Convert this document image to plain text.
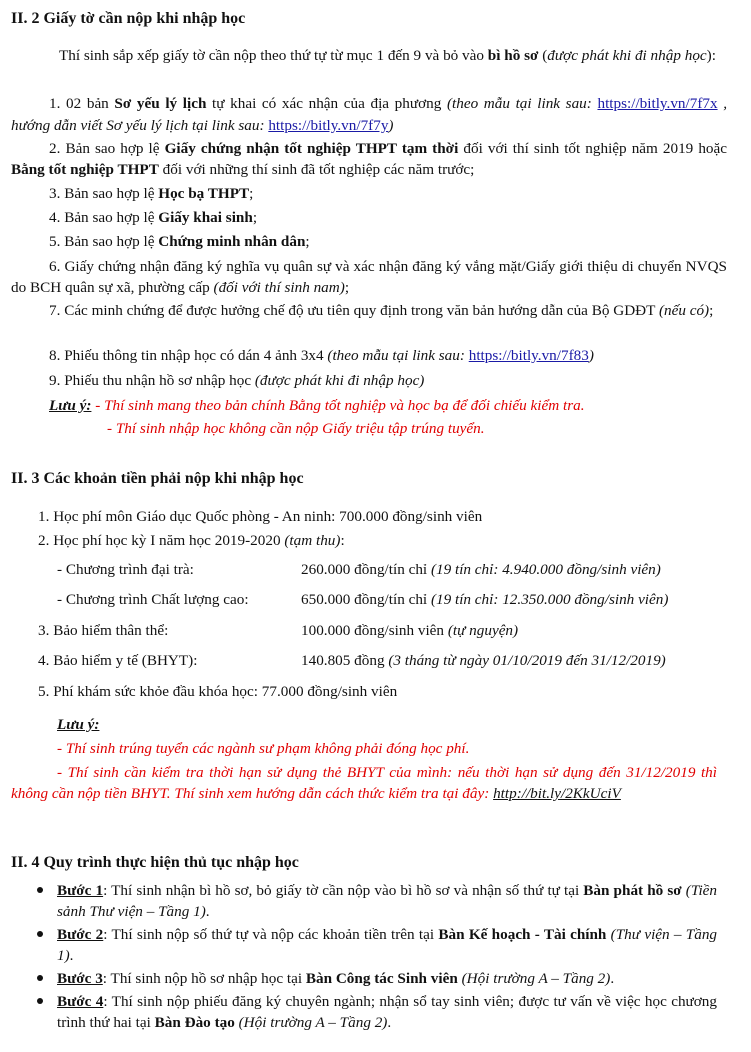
II. 2 Giấy tờ cần nộp khi nhập học

Thí sinh sắp xếp giấy tờ cần nộp theo thứ tự từ mục 1 đến 9 và bỏ vào bì hồ sơ (được phát khi đi nhập học):

1. 02 bản Sơ yếu lý lịch tự khai có xác nhận của địa phương (theo mẫu tại link sau: https://bitly.vn/7f7x , hướng dẫn viết Sơ yếu lý lịch tại link sau: https://bitly.vn/7f7y)

2. Bản sao hợp lệ Giấy chứng nhận tốt nghiệp THPT tạm thời đối với thí sinh tốt nghiệp năm 2019 hoặc Bằng tốt nghiệp THPT đối với những thí sinh đã tốt nghiệp các năm trước;

3. Bản sao hợp lệ Học bạ THPT;

4. Bản sao hợp lệ Giấy khai sinh;

5. Bản sao hợp lệ Chứng minh nhân dân;

6. Giấy chứng nhận đăng ký nghĩa vụ quân sự và xác nhận đăng ký vắng mặt/Giấy giới thiệu di chuyển NVQS do BCH quân sự xã, phường cấp (đối với thí sinh nam);

7. Các minh chứng để được hưởng chế độ ưu tiên quy định trong văn bản hướng dẫn của Bộ GDĐT (nếu có);

8. Phiếu thông tin nhập học có dán 4 ảnh 3x4 (theo mẫu tại link sau: https://bitly.vn/7f83)

9. Phiếu thu nhận hồ sơ nhập học (được phát khi đi nhập học)

Lưu ý: - Thí sinh mang theo bản chính Bằng tốt nghiệp và học bạ để đối chiếu kiểm tra.

- Thí sinh nhập học không cần nộp Giấy triệu tập trúng tuyển.

II. 3 Các khoản tiền phải nộp khi nhập học

1. Học phí môn Giáo dục Quốc phòng - An ninh: 700.000 đồng/sinh viên

2. Học phí học kỳ I năm học 2019-2020 (tạm thu):

- Chương trình đại trà:	260.000 đồng/tín chỉ (19 tín chỉ: 4.940.000 đồng/sinh viên)
- Chương trình Chất lượng cao:	650.000 đồng/tín chỉ (19 tín chỉ: 12.350.000 đồng/sinh viên)
3. Bảo hiểm thân thể:	100.000 đồng/sinh viên (tự nguyện)
4. Bảo hiểm y tế (BHYT):	140.805 đồng (3 tháng từ ngày 01/10/2019 đến 31/12/2019)

5. Phí khám sức khỏe đầu khóa học: 77.000 đồng/sinh viên

Lưu ý:

- Thí sinh trúng tuyển các ngành sư phạm không phải đóng học phí.

- Thí sinh cần kiểm tra thời hạn sử dụng thẻ BHYT của mình: nếu thời hạn sử dụng đến 31/12/2019 thì không cần nộp tiền BHYT. Thí sinh xem hướng dẫn cách thức kiểm tra tại đây: http://bit.ly/2KkUciV

II. 4 Quy trình thực hiện thủ tục nhập học
Bước 1: Thí sinh nhận bì hồ sơ, bỏ giấy tờ cần nộp vào bì hồ sơ và nhận số thứ tự tại Bàn phát hồ sơ (Tiền sảnh Thư viện – Tầng 1).
Bước 2: Thí sinh nộp số thứ tự và nộp các khoản tiền trên tại Bàn Kế hoạch - Tài chính (Thư viện – Tầng 1).
Bước 3: Thí sinh nộp hồ sơ nhập học tại Bàn Công tác Sinh viên (Hội trường A – Tầng 2).
Bước 4: Thí sinh nộp phiếu đăng ký chuyên ngành; nhận sổ tay sinh viên; được tư vấn về việc học chương trình thứ hai tại Bàn Đào tạo (Hội trường A – Tầng 2).
